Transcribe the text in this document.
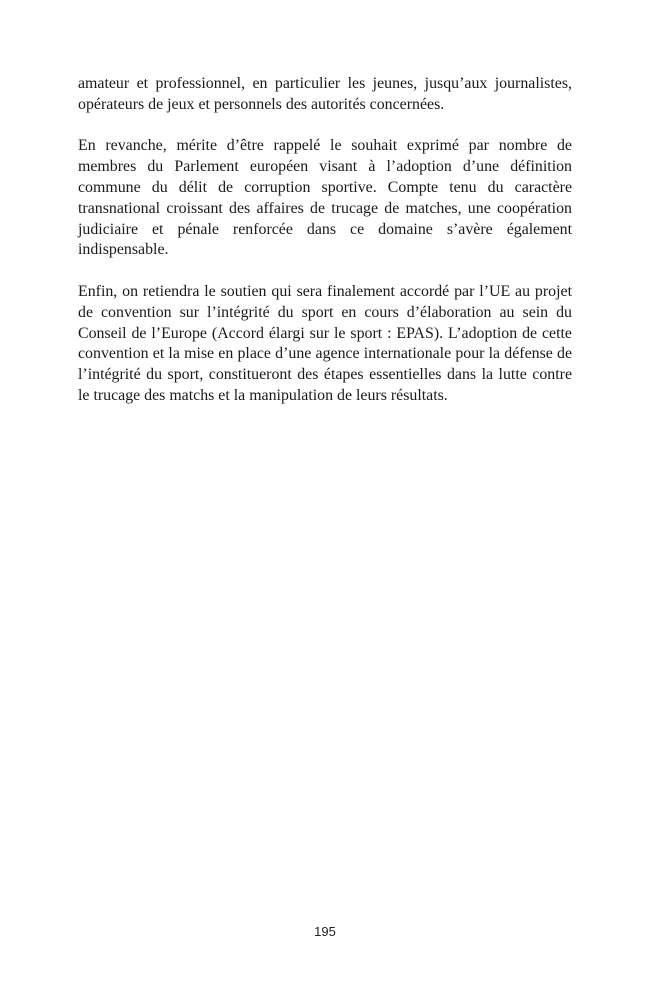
amateur et professionnel, en particulier les jeunes, jusqu’aux journalistes, opérateurs de jeux et personnels des autorités concernées.

En revanche, mérite d’être rappelé le souhait exprimé par nombre de membres du Parlement européen visant à l’adoption d’une définition commune du délit de corruption sportive. Compte tenu du caractère transnational croissant des affaires de trucage de matches, une coopération judiciaire et pénale renforcée dans ce domaine s’avère également indispensable.

Enfin, on retiendra le soutien qui sera finalement accordé par l’UE au projet de convention sur l’intégrité du sport en cours d’élaboration au sein du Conseil de l’Europe (Accord élargi sur le sport : EPAS). L’adoption de cette convention et la mise en place d’une agence internationale pour la défense de l’intégrité du sport, constitueront des étapes essentielles dans la lutte contre le trucage des matchs et la manipulation de leurs résultats.

195
